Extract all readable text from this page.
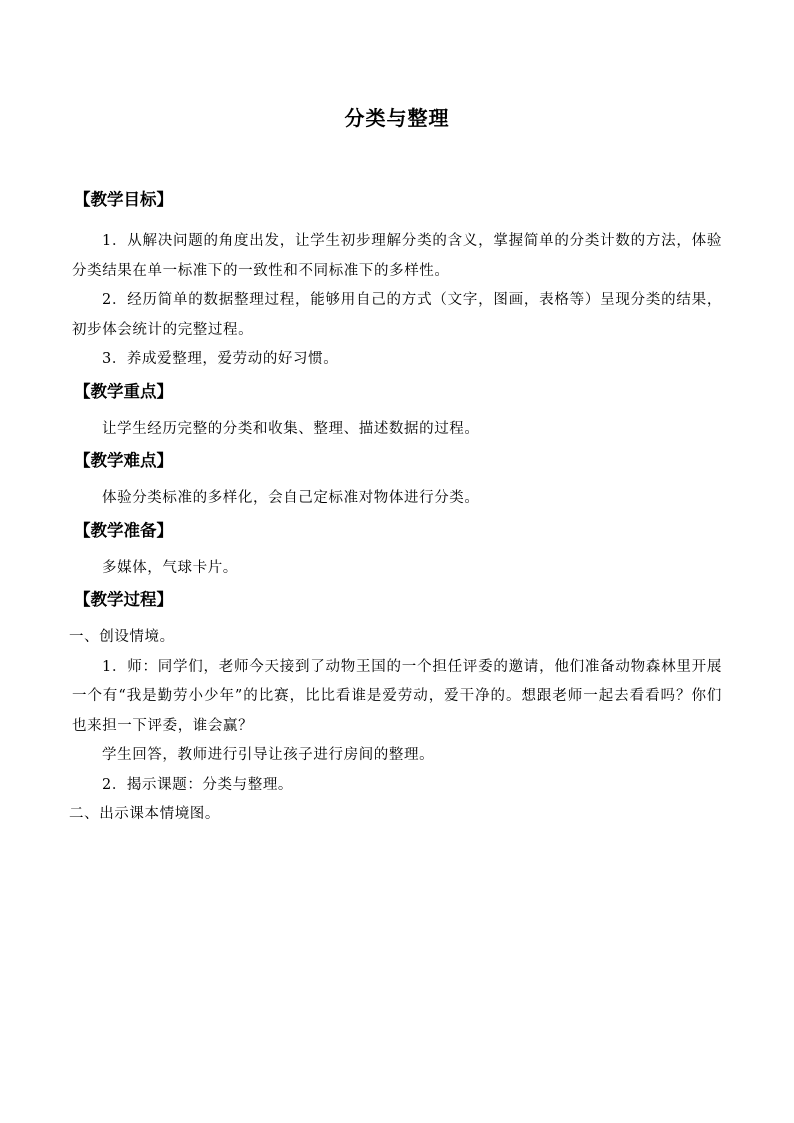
分类与整理
【教学目标】
1．从解决问题的角度出发，让学生初步理解分类的含义，掌握简单的分类计数的方法，体验分类结果在单一标准下的一致性和不同标准下的多样性。
2．经历简单的数据整理过程，能够用自己的方式（文字，图画，表格等）呈现分类的结果，初步体会统计的完整过程。
3．养成爱整理，爱劳动的好习惯。
【教学重点】
让学生经历完整的分类和收集、整理、描述数据的过程。
【教学难点】
体验分类标准的多样化，会自己定标准对物体进行分类。
【教学准备】
多媒体，气球卡片。
【教学过程】
一、创设情境。
1．师：同学们，老师今天接到了动物王国的一个担任评委的邀请，他们准备动物森林里开展一个有“我是勤劳小少年”的比赛，比比看谁是爱劳动，爱干净的。想跟老师一起去看看吗？你们也来担一下评委，谁会赢？
学生回答，教师进行引导让孩子进行房间的整理。
2．揭示课题：分类与整理。
二、出示课本情境图。
